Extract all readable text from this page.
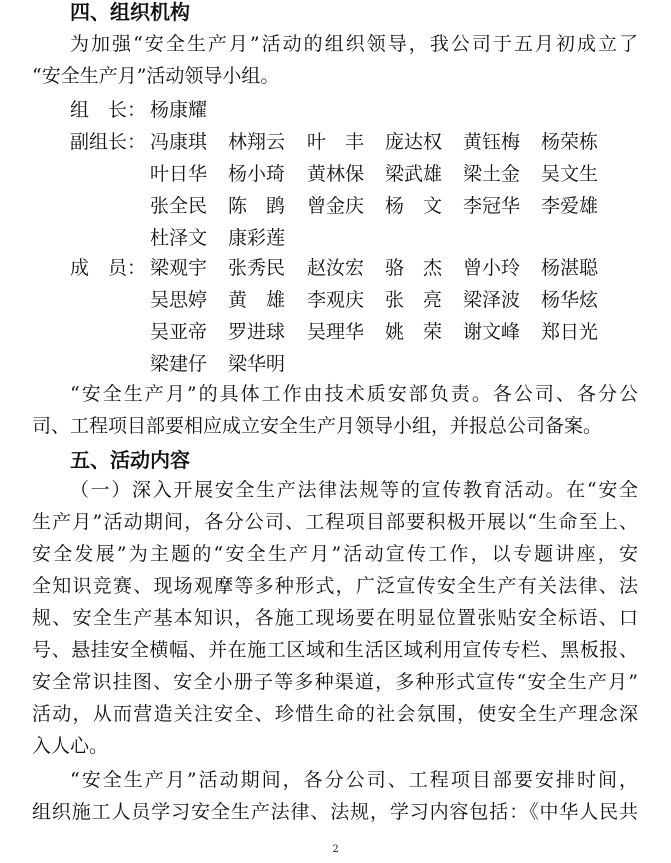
四、组织机构
为加强“安全生产月”活动的组织领导，我公司于五月初成立了
“安全生产月”活动领导小组。
组　长： 杨康耀
副组长： 冯康琪 林翔云 叶　丰 庞达权 黄钰梅 杨荣栋
叶日华 杨小琦 黄林保 梁武雄 梁土金 吴文生
张全民 陈　鹍 曾金庆 杨　文 李冠华 李爱雄
杜泽文 康彩莲
成　员： 梁观宇 张秀民 赵汝宏 骆　杰 曾小玲 杨湛聪
吴思婷 黄　雄 李观庆 张　亮 梁泽波 杨华炫
吴亚帝 罗进球 吴理华 姚　荣 谢文峰 郑日光
梁建仔 梁华明
“安全生产月”的具体工作由技术质安部负责。各公司、各分公
司、工程项目部要相应成立安全生产月领导小组，并报总公司备案。
五、活动内容
（一）深入开展安全生产法律法规等的宣传教育活动。在“安全
生产月”活动期间，各分公司、工程项目部要积极开展以“生命至上、
安全发展”为主题的“安全生产月”活动宣传工作，以专题讲座，安
全知识竞赛、现场观摩等多种形式，广泛宣传安全生产有关法律、法
规、安全生产基本知识，各施工现场要在明显位置张贴安全标语、口
号、悬挂安全横幅、并在施工区域和生活区域利用宣传专栏、黑板报、
安全常识挂图、安全小册子等多种渠道，多种形式宣传“安全生产月”
活动，从而营造关注安全、珍惜生命的社会氛围，使安全生产理念深
入人心。
“安全生产月”活动期间，各分公司、工程项目部要安排时间，
组织施工人员学习安全生产法律、法规，学习内容包括：《中华人民共
2
